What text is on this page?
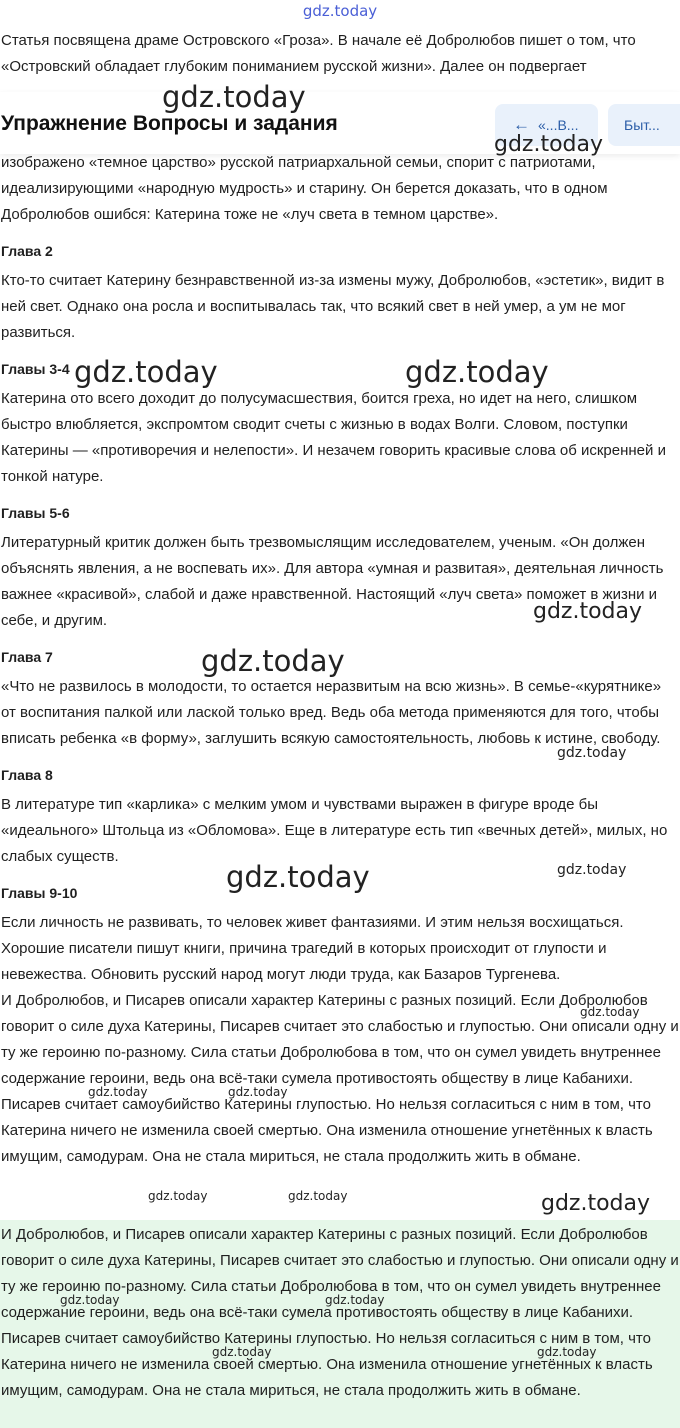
gdz.today
Статья посвящена драме Островского «Гроза». В начале её Добролюбов пишет о том, что «Островский обладает глубоким пониманием русской жизни». Далее он подвергает

изображено «темное царство» русской патриархальной семьи, спорит с патриотами, идеализирующими «народную мудрость» и старину. Он берется доказать, что в одном Добролюбов ошибся: Катерина тоже не «луч света в темном царстве».

Глава 2

Кто-то считает Катерину безнравственной из-за измены мужу, Добролюбов, «эстетик», видит в ней свет. Однако она росла и воспитывалась так, что всякий свет в ней умер, а ум не мог развиться.

Главы 3-4

Катерина ото всего доходит до полусумасшествия, боится греха, но идет на него, слишком быстро влюбляется, экспромтом сводит счеты с жизнью в водах Волги. Словом, поступки Катерины — «противоречия и нелепости». И незачем говорить красивые слова об искренней и тонкой натуре.

Главы 5-6

Литературный критик должен быть трезвомыслящим исследователем, ученым. «Он должен объяснять явления, а не воспевать их». Для автора «умная и развитая», деятельная личность важнее «красивой», слабой и даже нравственной. Настоящий «луч света» поможет в жизни и себе, и другим.

Глава 7

«Что не развилось в молодости, то остается неразвитым на всю жизнь». В семье-«курятнике» от воспитания палкой или лаской только вред. Ведь оба метода применяются для того, чтобы вписать ребенка «в форму», заглушить всякую самостоятельность, любовь к истине, свободу.

Глава 8

В литературе тип «карлика» с мелким умом и чувствами выражен в фигуре вроде бы «идеального» Штольца из «Обломова». Еще в литературе есть тип «вечных детей», милых, но слабых существ.

Главы 9-10

Если личность не развивать, то человек живет фантазиями. И этим нельзя восхищаться. Хорошие писатели пишут книги, причина трагедий в которых происходит от глупости и невежества. Обновить русский народ могут люди труда, как Базаров Тургенева.

И Добролюбов, и Писарев описали характер Катерины с разных позиций. Если Добролюбов говорит о силе духа Катерины, Писарев считает это слабостью и глупостью. Они описали одну и ту же героиню по-разному. Сила статьи Добролюбова в том, что он сумел увидеть внутреннее содержание героини, ведь она всё-таки сумела противостоять обществу в лице Кабанихи. Писарев считает самоубийство Катерины глупостью. Но нельзя согласиться с ним в том, что Катерина ничего не изменила своей смертью. Она изменила отношение угнетённых к власть имущим, самодурам. Она не стала мириться, не стала продолжить жить в обмане.

И Добролюбов, и Писарев описали характер Катерины с разных позиций. Если Добролюбов говорит о силе духа Катерины, Писарев считает это слабостью и глупостью. Они описали одну и ту же героиню по-разному. Сила статьи Добролюбова в том, что он сумел увидеть внутреннее содержание героини, ведь она всё-таки сумела противостоять обществу в лице Кабанихи. Писарев считает самоубийство Катерины глупостью. Но нельзя согласиться с ним в том, что Катерина ничего не изменила своей смертью. Она изменила отношение угнетённых к власть имущим, самодурам. Она не стала мириться, не стала продолжить жить в обмане.
Упражнение Вопросы и задания	← «...В...	Быт...
gdz.today
gdz.today
gdz.today	gdz.today
gdz.today
gdz.today
gdz.today
gdz.today
gdz.today
gdz.today
gdz.today	gdz.today
gdz.today	gdz.today	gdz.today
gdz.today	gdz.today
gdz.today	gdz.today
